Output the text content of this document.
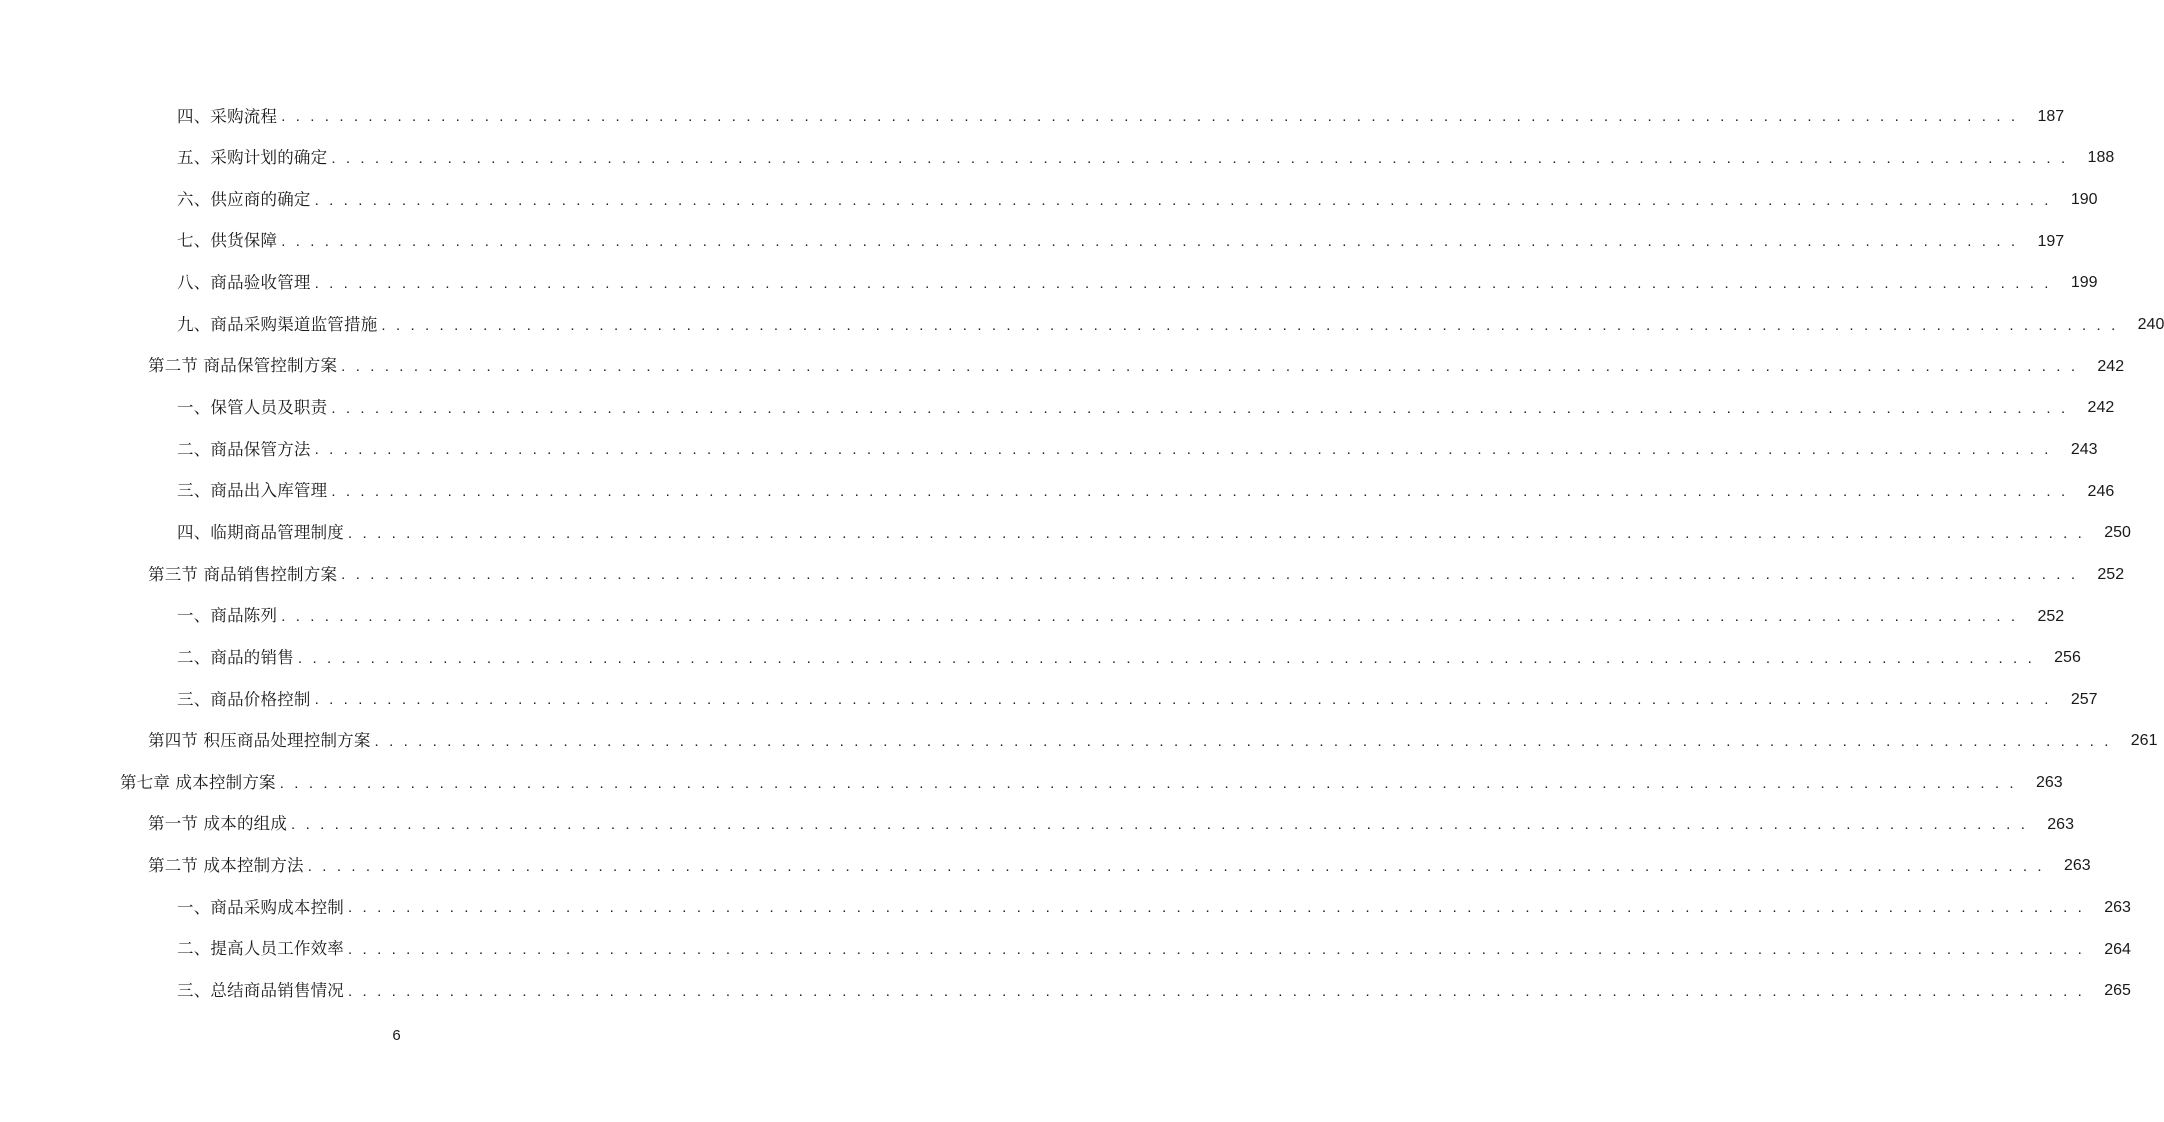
四、采购流程 . . . . . . . . . . . . . . . . . . . . . . . . . . . . . . . . . . . . . . . . . . . . . . . . . . . . . . . . . . . . . . . . . . . . . . . . . . . . . . . . . . . . . . . . . . . . . . . . . . . . . . . . . . . . . . . . . . . . . . . .	187
五、采购计划的确定 . . . . . . . . . . . . . . . . . . . . . . . . . . . . . . . . . . . . . . . . . . . . . . . . . . . . . . . . . . . . . . . . . . . . . . . . . . . . . . . . . . . . . . . . . . . . . . . . . . . . . . . . . . . . . . . . . . . . . . . .	188
六、供应商的确定 . . . . . . . . . . . . . . . . . . . . . . . . . . . . . . . . . . . . . . . . . . . . . . . . . . . . . . . . . . . . . . . . . . . . . . . . . . . . . . . . . . . . . . . . . . . . . . . . . . . . . . . . . . . . . . . . . . . . . . . .	190
七、供货保障 . . . . . . . . . . . . . . . . . . . . . . . . . . . . . . . . . . . . . . . . . . . . . . . . . . . . . . . . . . . . . . . . . . . . . . . . . . . . . . . . . . . . . . . . . . . . . . . . . . . . . . . . . . . . . . . . . . . . . . . .	197
八、商品验收管理 . . . . . . . . . . . . . . . . . . . . . . . . . . . . . . . . . . . . . . . . . . . . . . . . . . . . . . . . . . . . . . . . . . . . . . . . . . . . . . . . . . . . . . . . . . . . . . . . . . . . . . . . . . . . . . . . . . . . . . . .	199
九、商品采购渠道监管措施 . . . . . . . . . . . . . . . . . . . . . . . . . . . . . . . . . . . . . . . . . . . . . . . . . . . . . . . . . . . . . . . . . . . . . . . . . . . . . . . . . . . . . . . . . . . . . . . . . . . . . . . . . . . . . . . . . . . . . . . .	240
第二节 商品保管控制方案 . . . . . . . . . . . . . . . . . . . . . . . . . . . . . . . . . . . . . . . . . . . . . . . . . . . . . . . . . . . . . . . . . . . . . . . . . . . . . . . . . . . . . . . . . . . . . . . . . . . . . . . . . . . . . . . . . . . . . . . .	242
一、保管人员及职责 . . . . . . . . . . . . . . . . . . . . . . . . . . . . . . . . . . . . . . . . . . . . . . . . . . . . . . . . . . . . . . . . . . . . . . . . . . . . . . . . . . . . . . . . . . . . . . . . . . . . . . . . . . . . . . . . . . . . . . . .	242
二、商品保管方法 . . . . . . . . . . . . . . . . . . . . . . . . . . . . . . . . . . . . . . . . . . . . . . . . . . . . . . . . . . . . . . . . . . . . . . . . . . . . . . . . . . . . . . . . . . . . . . . . . . . . . . . . . . . . . . . . . . . . . . . .	243
三、商品出入库管理 . . . . . . . . . . . . . . . . . . . . . . . . . . . . . . . . . . . . . . . . . . . . . . . . . . . . . . . . . . . . . . . . . . . . . . . . . . . . . . . . . . . . . . . . . . . . . . . . . . . . . . . . . . . . . . . . . . . . . . . .	246
四、临期商品管理制度 . . . . . . . . . . . . . . . . . . . . . . . . . . . . . . . . . . . . . . . . . . . . . . . . . . . . . . . . . . . . . . . . . . . . . . . . . . . . . . . . . . . . . . . . . . . . . . . . . . . . . . . . . . . . . . . . . . . . . . . .	250
第三节 商品销售控制方案 . . . . . . . . . . . . . . . . . . . . . . . . . . . . . . . . . . . . . . . . . . . . . . . . . . . . . . . . . . . . . . . . . . . . . . . . . . . . . . . . . . . . . . . . . . . . . . . . . . . . . . . . . . . . . . . . . . . . . . . .	252
一、商品陈列 . . . . . . . . . . . . . . . . . . . . . . . . . . . . . . . . . . . . . . . . . . . . . . . . . . . . . . . . . . . . . . . . . . . . . . . . . . . . . . . . . . . . . . . . . . . . . . . . . . . . . . . . . . . . . . . . . . . . . . . .	252
二、商品的销售 . . . . . . . . . . . . . . . . . . . . . . . . . . . . . . . . . . . . . . . . . . . . . . . . . . . . . . . . . . . . . . . . . . . . . . . . . . . . . . . . . . . . . . . . . . . . . . . . . . . . . . . . . . . . . . . . . . . . . . . .	256
三、商品价格控制 . . . . . . . . . . . . . . . . . . . . . . . . . . . . . . . . . . . . . . . . . . . . . . . . . . . . . . . . . . . . . . . . . . . . . . . . . . . . . . . . . . . . . . . . . . . . . . . . . . . . . . . . . . . . . . . . . . . . . . . .	257
第四节 积压商品处理控制方案 . . . . . . . . . . . . . . . . . . . . . . . . . . . . . . . . . . . . . . . . . . . . . . . . . . . . . . . . . . . . . . . . . . . . . . . . . . . . . . . . . . . . . . . . . . . . . . . . . . . . . . . . . . . . . . . . . . . . . . . .	261
第七章 成本控制方案 . . . . . . . . . . . . . . . . . . . . . . . . . . . . . . . . . . . . . . . . . . . . . . . . . . . . . . . . . . . . . . . . . . . . . . . . . . . . . . . . . . . . . . . . . . . . . . . . . . . . . . . . . . . . . . . . . . . . . . . .	263
第一节 成本的组成 . . . . . . . . . . . . . . . . . . . . . . . . . . . . . . . . . . . . . . . . . . . . . . . . . . . . . . . . . . . . . . . . . . . . . . . . . . . . . . . . . . . . . . . . . . . . . . . . . . . . . . . . . . . . . . . . . . . . . . . .	263
第二节 成本控制方法 . . . . . . . . . . . . . . . . . . . . . . . . . . . . . . . . . . . . . . . . . . . . . . . . . . . . . . . . . . . . . . . . . . . . . . . . . . . . . . . . . . . . . . . . . . . . . . . . . . . . . . . . . . . . . . . . . . . . . . . .	263
一、商品采购成本控制 . . . . . . . . . . . . . . . . . . . . . . . . . . . . . . . . . . . . . . . . . . . . . . . . . . . . . . . . . . . . . . . . . . . . . . . . . . . . . . . . . . . . . . . . . . . . . . . . . . . . . . . . . . . . . . . . . . . . . . . .	263
二、提高人员工作效率 . . . . . . . . . . . . . . . . . . . . . . . . . . . . . . . . . . . . . . . . . . . . . . . . . . . . . . . . . . . . . . . . . . . . . . . . . . . . . . . . . . . . . . . . . . . . . . . . . . . . . . . . . . . . . . . . . . . . . . . .	264
三、总结商品销售情况 . . . . . . . . . . . . . . . . . . . . . . . . . . . . . . . . . . . . . . . . . . . . . . . . . . . . . . . . . . . . . . . . . . . . . . . . . . . . . . . . . . . . . . . . . . . . . . . . . . . . . . . . . . . . . . . . . . . . . . . .	265
6
